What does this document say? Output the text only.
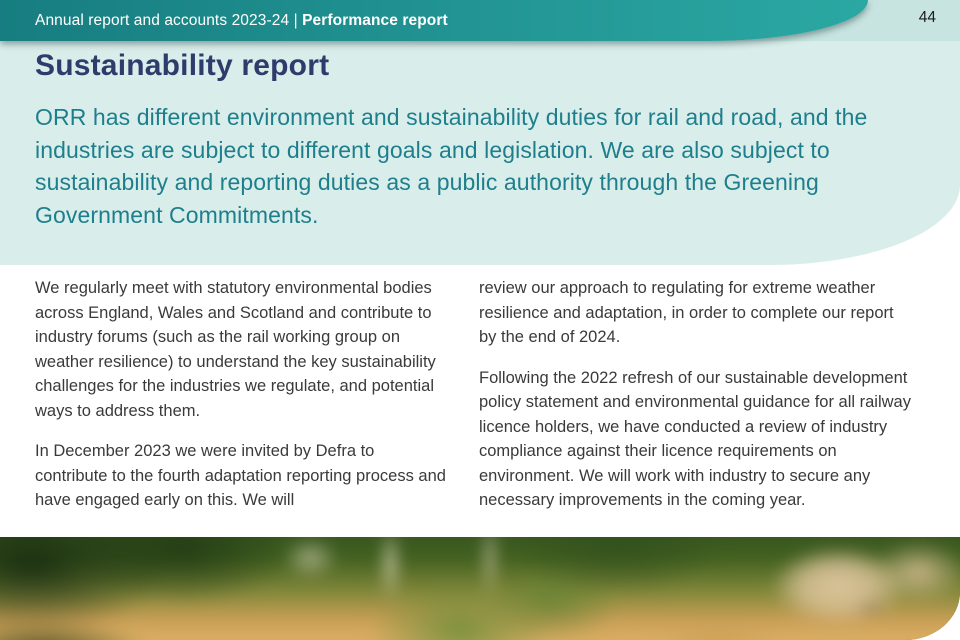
Annual report and accounts 2023-24 | Performance report	44
Sustainability report

ORR has different environment and sustainability duties for rail and road, and the industries are subject to different goals and legislation. We are also subject to sustainability and reporting duties as a public authority through the Greening Government Commitments.

We regularly meet with statutory environmental bodies across England, Wales and Scotland and contribute to industry forums (such as the rail working group on weather resilience) to understand the key sustainability challenges for the industries we regulate, and potential ways to address them.

In December 2023 we were invited by Defra to contribute to the fourth adaptation reporting process and have engaged early on this. We will

review our approach to regulating for extreme weather resilience and adaptation, in order to complete our report by the end of 2024.

Following the 2022 refresh of our sustainable development policy statement and environmental guidance for all railway licence holders, we have conducted a review of industry compliance against their licence requirements on environment. We will work with industry to secure any necessary improvements in the coming year.
